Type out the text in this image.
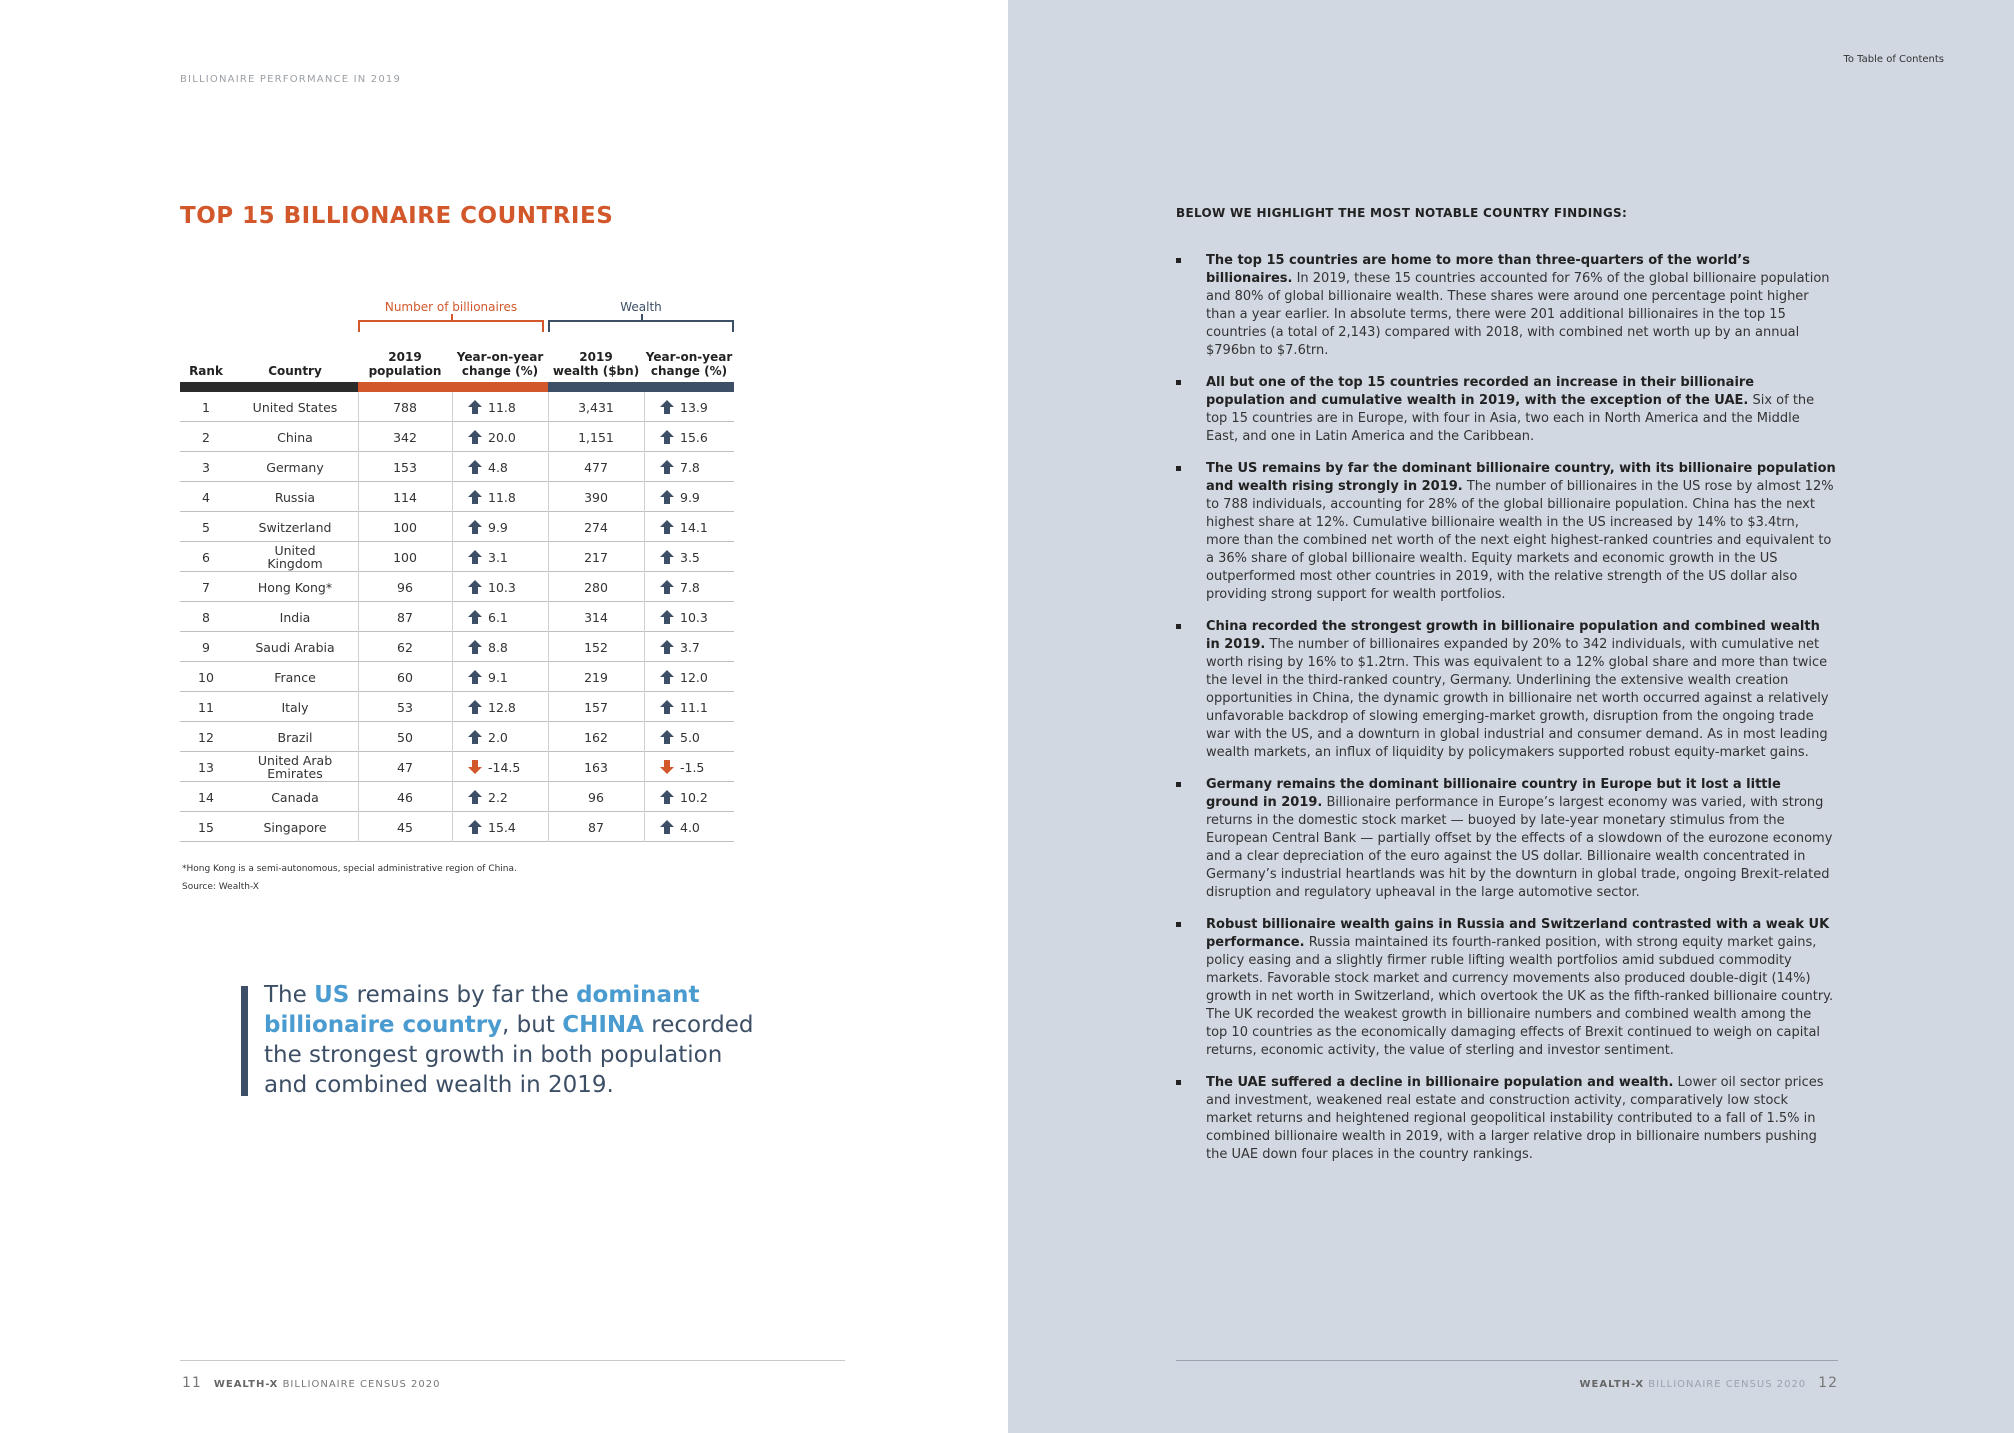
BILLIONAIRE PERFORMANCE IN 2019
TOP 15 BILLIONAIRE COUNTRIES
Number of billionaires	Wealth
Rank	Country
2019
population
Year-on-year
change (%)
2019
wealth ($bn)
Year-on-year
change (%)
1	United States	788	11.8	3,431	13.9
2	China	342	20.0	1,151	15.6
3	Germany	153	4.8	477	7.8
4	Russia	114	11.8	390	9.9
5	Switzerland	100	9.9	274	14.1
6	United Kingdom	100	3.1	217	3.5
7	Hong Kong*	96	10.3	280	7.8
8	India	87	6.1	314	10.3
9	Saudi Arabia	62	8.8	152	3.7
10	France	60	9.1	219	12.0
11	Italy	53	12.8	157	11.1
12	Brazil	50	2.0	162	5.0
13	United Arab Emirates	47	-14.5	163	-1.5
14	Canada	46	2.2	96	10.2
15	Singapore	45	15.4	87	4.0
*Hong Kong is a semi-autonomous, special administrative region of China.
Source: Wealth-X
The US remains by far the dominant billionaire country, but CHINA recorded the strongest growth in both population and combined wealth in 2019.
11 WEALTH-X BILLIONAIRE CENSUS 2020
To Table of Contents
BELOW WE HIGHLIGHT THE MOST NOTABLE COUNTRY FINDINGS:
The top 15 countries are home to more than three-quarters of the world’s billionaires. In 2019, these 15 countries accounted for 76% of the global billionaire population and 80% of global billionaire wealth. These shares were around one percentage point higher than a year earlier. In absolute terms, there were 201 additional billionaires in the top 15 countries (a total of 2,143) compared with 2018, with combined net worth up by an annual $796bn to $7.6trn.
All but one of the top 15 countries recorded an increase in their billionaire population and cumulative wealth in 2019, with the exception of the UAE. Six of the top 15 countries are in Europe, with four in Asia, two each in North America and the Middle East, and one in Latin America and the Caribbean.
The US remains by far the dominant billionaire country, with its billionaire population and wealth rising strongly in 2019. The number of billionaires in the US rose by almost 12% to 788 individuals, accounting for 28% of the global billionaire population. China has the next highest share at 12%. Cumulative billionaire wealth in the US increased by 14% to $3.4trn, more than the combined net worth of the next eight highest-ranked countries and equivalent to a 36% share of global billionaire wealth. Equity markets and economic growth in the US outperformed most other countries in 2019, with the relative strength of the US dollar also providing strong support for wealth portfolios.
China recorded the strongest growth in billionaire population and combined wealth in 2019. The number of billionaires expanded by 20% to 342 individuals, with cumulative net worth rising by 16% to $1.2trn. This was equivalent to a 12% global share and more than twice the level in the third-ranked country, Germany. Underlining the extensive wealth creation opportunities in China, the dynamic growth in billionaire net worth occurred against a relatively unfavorable backdrop of slowing emerging-market growth, disruption from the ongoing trade war with the US, and a downturn in global industrial and consumer demand. As in most leading wealth markets, an influx of liquidity by policymakers supported robust equity-market gains.
Germany remains the dominant billionaire country in Europe but it lost a little ground in 2019. Billionaire performance in Europe’s largest economy was varied, with strong returns in the domestic stock market — buoyed by late-year monetary stimulus from the European Central Bank — partially offset by the effects of a slowdown of the eurozone economy and a clear depreciation of the euro against the US dollar. Billionaire wealth concentrated in Germany’s industrial heartlands was hit by the downturn in global trade, ongoing Brexit-related disruption and regulatory upheaval in the large automotive sector.
Robust billionaire wealth gains in Russia and Switzerland contrasted with a weak UK performance. Russia maintained its fourth-ranked position, with strong equity market gains, policy easing and a slightly firmer ruble lifting wealth portfolios amid subdued commodity markets. Favorable stock market and currency movements also produced double-digit (14%) growth in net worth in Switzerland, which overtook the UK as the fifth-ranked billionaire country. The UK recorded the weakest growth in billionaire numbers and combined wealth among the top 10 countries as the economically damaging effects of Brexit continued to weigh on capital returns, economic activity, the value of sterling and investor sentiment.
The UAE suffered a decline in billionaire population and wealth. Lower oil sector prices and investment, weakened real estate and construction activity, comparatively low stock market returns and heightened regional geopolitical instability contributed to a fall of 1.5% in combined billionaire wealth in 2019, with a larger relative drop in billionaire numbers pushing the UAE down four places in the country rankings.
WEALTH-X BILLIONAIRE CENSUS 2020 12
